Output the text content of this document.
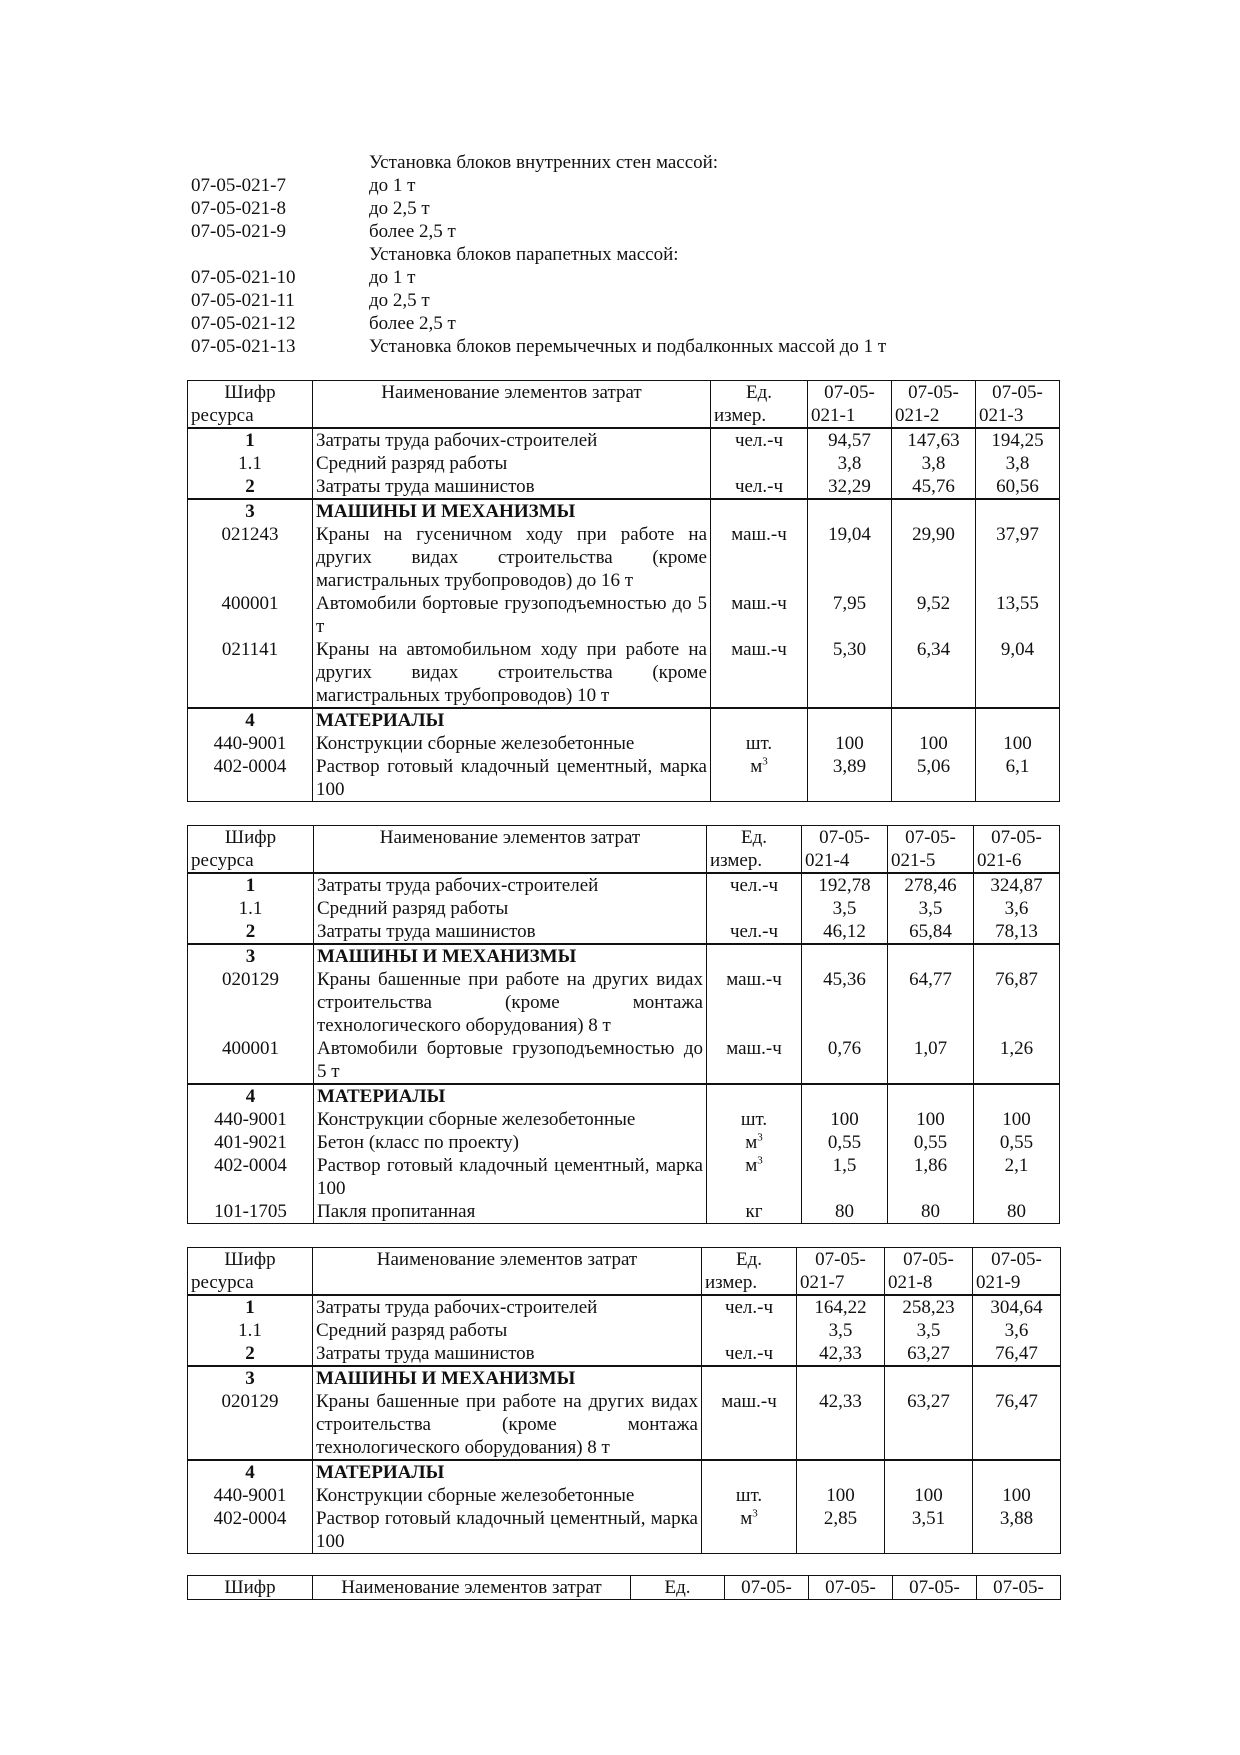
Установка блоков внутренних стен массой:
07-05-021-7	до 1 т
07-05-021-8	до 2,5 т
07-05-021-9	более 2,5 т
Установка блоков парапетных массой:
07-05-021-10	до 1 т
07-05-021-11	до 2,5 т
07-05-021-12	более 2,5 т
07-05-021-13	Установка блоков перемычечных и подбалконных массой до 1 т
Шифр	Наименование элементов затрат	Ед.	07-05-	07-05-	07-05-
ресурса		измер.	021-1	021-2	021-3
1	Затраты труда рабочих-строителей	чел.-ч	94,57	147,63	194,25
1.1	Средний разряд работы		3,8	3,8	3,8
2	Затраты труда машинистов	чел.-ч	32,29	45,76	60,56
3	МАШИНЫ И МЕХАНИЗМЫ				
021243	Краны на гусеничном ходу при работе на других видах строительства (кроме магистральных трубопроводов) до 16 т	маш.-ч	19,04	29,90	37,97
400001	Автомобили бортовые грузоподъемностью до 5 т	маш.-ч	7,95	9,52	13,55
021141	Краны на автомобильном ходу при работе на других видах строительства (кроме магистральных трубопроводов) 10 т	маш.-ч	5,30	6,34	9,04
4	МАТЕРИАЛЫ				
440-9001	Конструкции сборные железобетонные	шт.	100	100	100
402-0004	Раствор готовый кладочный цементный, марка 100	$м^3$	3,89	5,06	6,1
Шифр	Наименование элементов затрат	Ед.	07-05-	07-05-	07-05-
ресурса		измер.	021-4	021-5	021-6
1	Затраты труда рабочих-строителей	чел.-ч	192,78	278,46	324,87
1.1	Средний разряд работы		3,5	3,5	3,6
2	Затраты труда машинистов	чел.-ч	46,12	65,84	78,13
3	МАШИНЫ И МЕХАНИЗМЫ				
020129	Краны башенные при работе на других видах строительства (кроме монтажа технологического оборудования) 8 т	маш.-ч	45,36	64,77	76,87
400001	Автомобили бортовые грузоподъемностью до 5 т	маш.-ч	0,76	1,07	1,26
4	МАТЕРИАЛЫ				
440-9001	Конструкции сборные железобетонные	шт.	100	100	100
401-9021	Бетон (класс по проекту)	$м^3$	0,55	0,55	0,55
402-0004	Раствор готовый кладочный цементный, марка 100	$м^3$	1,5	1,86	2,1
101-1705	Пакля пропитанная	кг	80	80	80
Шифр	Наименование элементов затрат	Ед.	07-05-	07-05-	07-05-
ресурса		измер.	021-7	021-8	021-9
1	Затраты труда рабочих-строителей	чел.-ч	164,22	258,23	304,64
1.1	Средний разряд работы		3,5	3,5	3,6
2	Затраты труда машинистов	чел.-ч	42,33	63,27	76,47
3	МАШИНЫ И МЕХАНИЗМЫ				
020129	Краны башенные при работе на других видах строительства (кроме монтажа технологического оборудования) 8 т	маш.-ч	42,33	63,27	76,47
4	МАТЕРИАЛЫ				
440-9001	Конструкции сборные железобетонные	шт.	100	100	100
402-0004	Раствор готовый кладочный цементный, марка 100	$м^3$	2,85	3,51	3,88
Шифр	Наименование элементов затрат	Ед.	07-05-	07-05-	07-05-	07-05-
